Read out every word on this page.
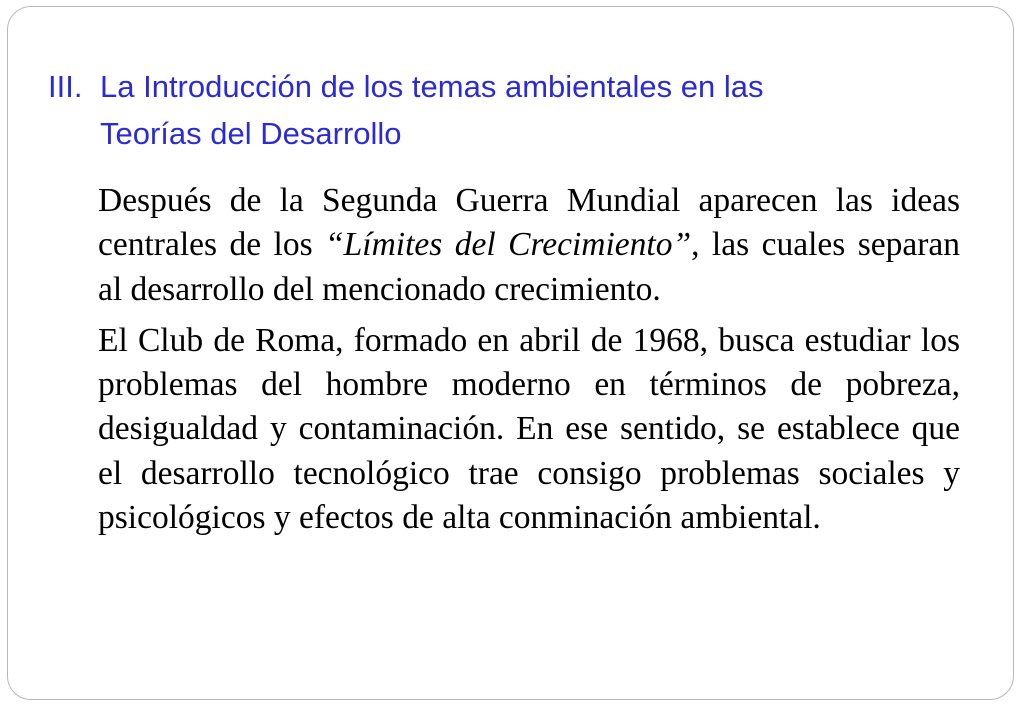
III. La Introducción de los temas ambientales en las
Teorías del Desarrollo

Después de la Segunda Guerra Mundial aparecen las ideas centrales de los “Límites del Crecimiento”, las cuales separan al desarrollo del mencionado crecimiento.

El Club de Roma, formado en abril de 1968, busca estudiar los problemas del hombre moderno en términos de pobreza, desigualdad y contaminación. En ese sentido, se establece que el desarrollo tecnológico trae consigo problemas sociales y psicológicos y efectos de alta conminación ambiental.
